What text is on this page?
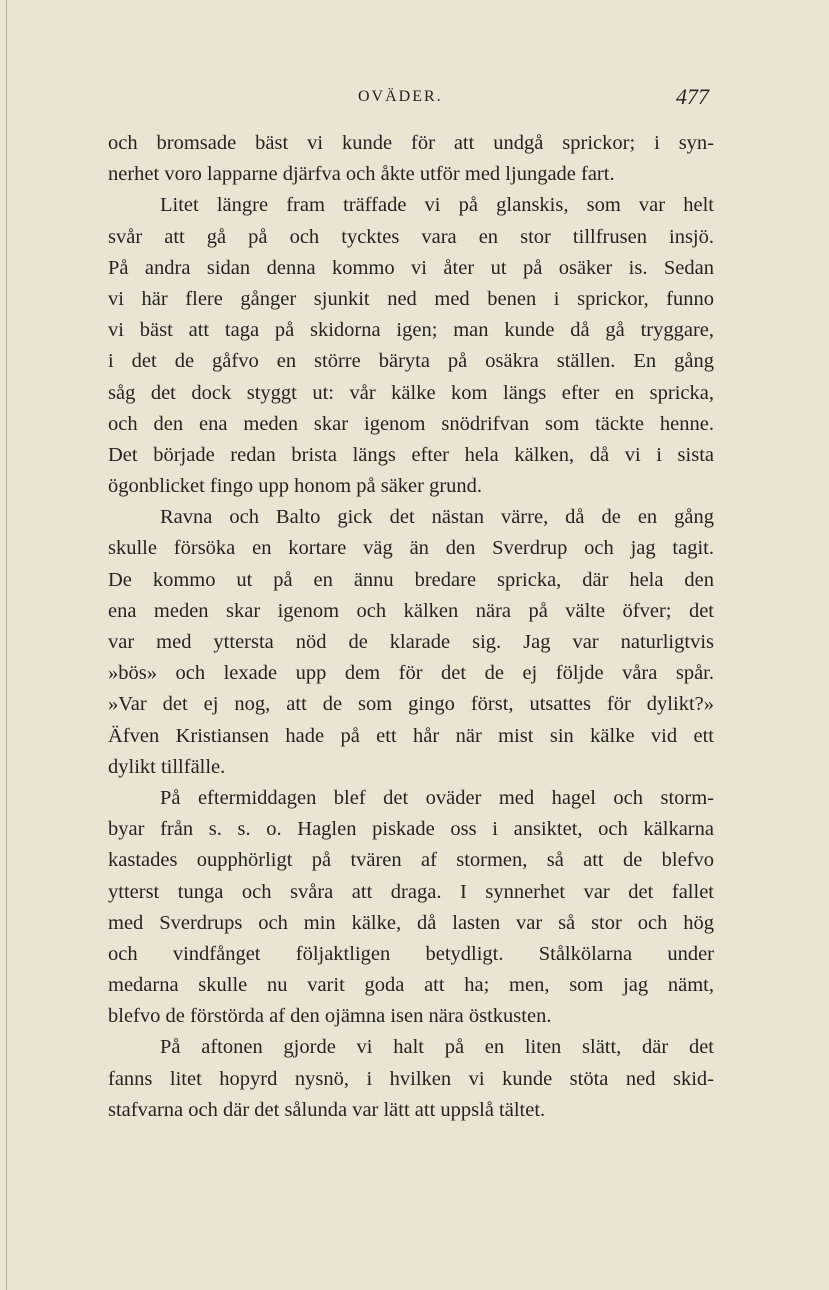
OVÄDER.	477
och bromsade bäst vi kunde för att undgå sprickor; i syn-
nerhet voro lapparne djärfva och åkte utför med ljungade fart.
Litet längre fram träffade vi på glanskis, som var helt
svår att gå på och tycktes vara en stor tillfrusen insjö.
På andra sidan denna kommo vi åter ut på osäker is. Sedan
vi här flere gånger sjunkit ned med benen i sprickor, funno
vi bäst att taga på skidorna igen; man kunde då gå tryggare,
i det de gåfvo en större bäryta på osäkra ställen. En gång
såg det dock styggt ut: vår kälke kom längs efter en spricka,
och den ena meden skar igenom snödrifvan som täckte henne.
Det började redan brista längs efter hela kälken, då vi i sista
ögonblicket fingo upp honom på säker grund.
Ravna och Balto gick det nästan värre, då de en gång
skulle försöka en kortare väg än den Sverdrup och jag tagit.
De kommo ut på en ännu bredare spricka, där hela den
ena meden skar igenom och kälken nära på välte öfver; det
var med yttersta nöd de klarade sig. Jag var naturligtvis
»bös» och lexade upp dem för det de ej följde våra spår.
»Var det ej nog, att de som gingo först, utsattes för dylikt?»
Äfven Kristiansen hade på ett hår när mist sin kälke vid ett
dylikt tillfälle.
På eftermiddagen blef det oväder med hagel och storm-
byar från s. s. o. Haglen piskade oss i ansiktet, och kälkarna
kastades oupphörligt på tvären af stormen, så att de blefvo
ytterst tunga och svåra att draga. I synnerhet var det fallet
med Sverdrups och min kälke, då lasten var så stor och hög
och vindfånget följaktligen betydligt. Stålkölarna under
medarna skulle nu varit goda att ha; men, som jag nämt,
blefvo de förstörda af den ojämna isen nära östkusten.
På aftonen gjorde vi halt på en liten slätt, där det
fanns litet hopyrd nysnö, i hvilken vi kunde stöta ned skid-
stafvarna och där det sålunda var lätt att uppslå tältet.
